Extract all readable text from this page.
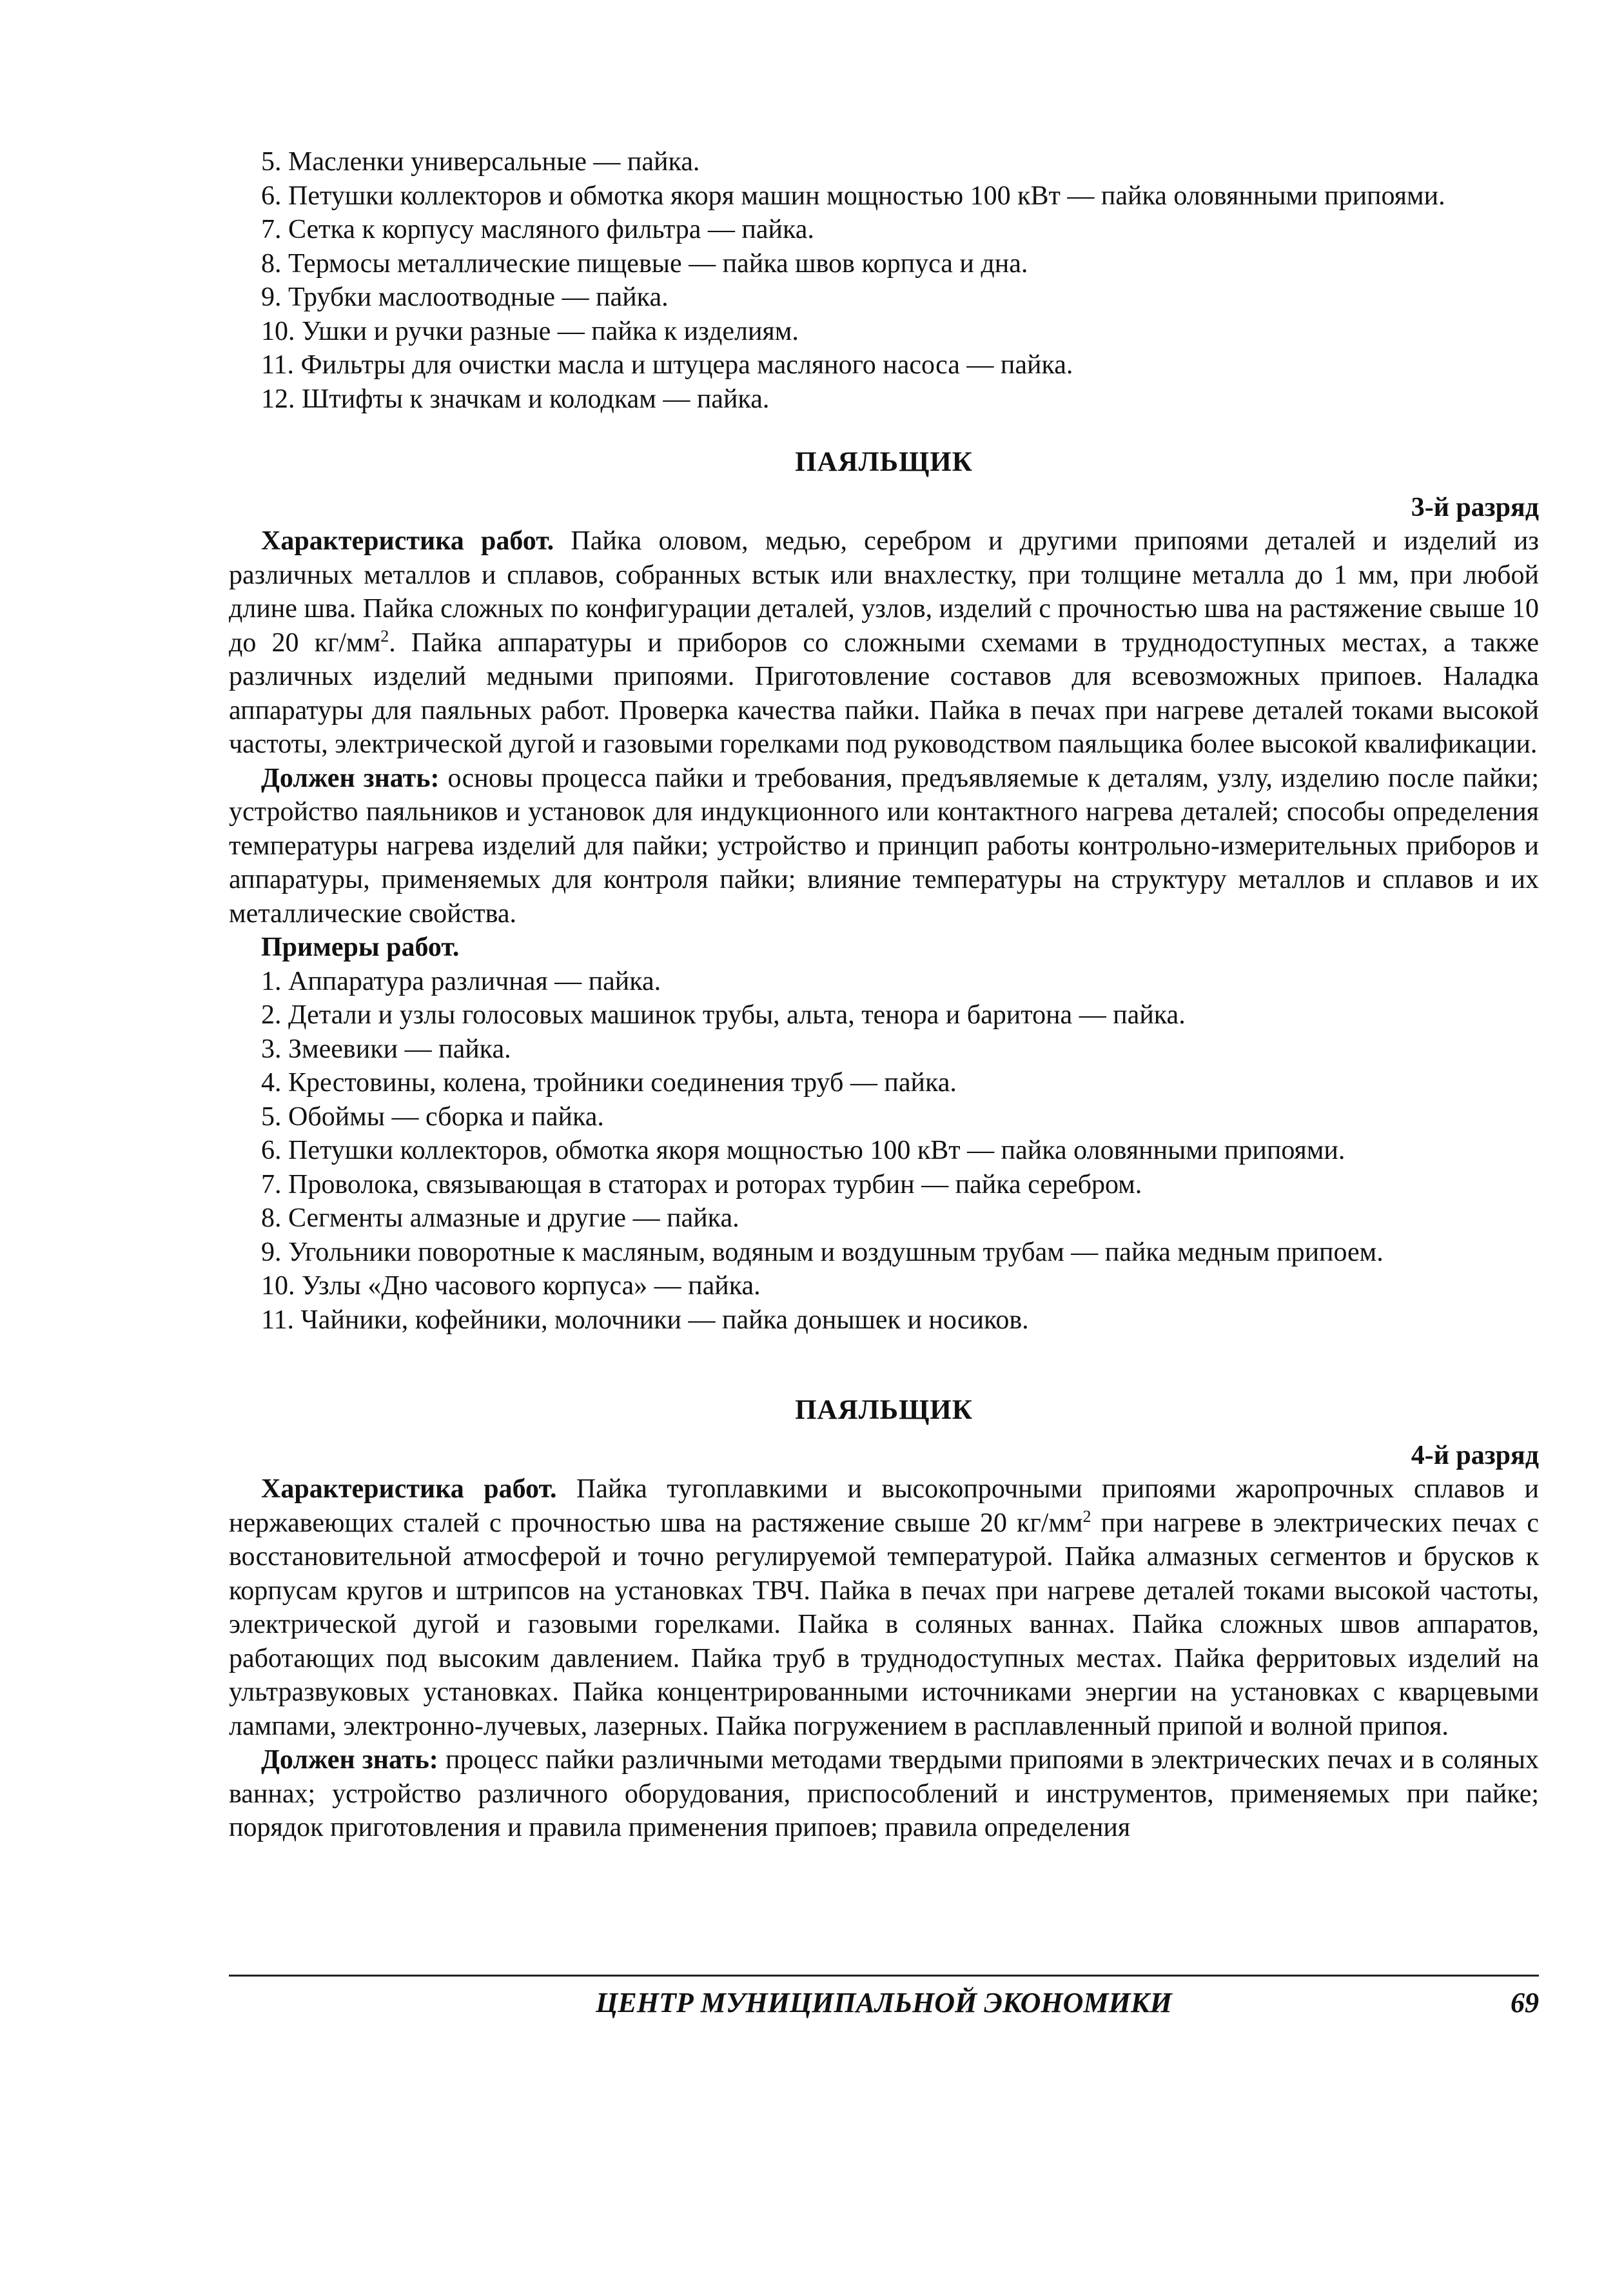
5. Масленки универсальные — пайка.

6. Петушки коллекторов и обмотка якоря машин мощностью 100 кВт — пайка оловянными припоями.

7. Сетка к корпусу масляного фильтра — пайка.

8. Термосы металлические пищевые — пайка швов корпуса и дна.

9. Трубки маслоотводные — пайка.

10. Ушки и ручки разные — пайка к изделиям.

11. Фильтры для очистки масла и штуцера масляного насоса — пайка.

12. Штифты к значкам и колодкам — пайка.

ПАЯЛЬЩИК
3-й разряд

Характеристика работ. Пайка оловом, медью, серебром и другими припоями деталей и изделий из различных металлов и сплавов, собранных встык или внахлестку, при толщине металла до 1 мм, при любой длине шва. Пайка сложных по конфигурации деталей, узлов, изделий с прочностью шва на растяжение свыше 10 до 20 $кг/мм^2$. Пайка аппаратуры и приборов со сложными схемами в труднодоступных местах, а также различных изделий медными припоями. Приготовление составов для всевозможных припоев. Наладка аппаратуры для паяльных работ. Проверка качества пайки. Пайка в печах при нагреве деталей токами высокой частоты, электрической дугой и газовыми горелками под руководством паяльщика более высокой квалификации.

Должен знать: основы процесса пайки и требования, предъявляемые к деталям, узлу, изделию после пайки; устройство паяльников и установок для индукционного или контактного нагрева деталей; способы определения температуры нагрева изделий для пайки; устройство и принцип работы контрольно-измерительных приборов и аппаратуры, применяемых для контроля пайки; влияние температуры на структуру металлов и сплавов и их металлические свойства.

Примеры работ.

1. Аппаратура различная — пайка.

2. Детали и узлы голосовых машинок трубы, альта, тенора и баритона — пайка.

3. Змеевики — пайка.

4. Крестовины, колена, тройники соединения труб — пайка.

5. Обоймы — сборка и пайка.

6. Петушки коллекторов, обмотка якоря мощностью 100 кВт — пайка оловянными припоями.

7. Проволока, связывающая в статорах и роторах турбин — пайка серебром.

8. Сегменты алмазные и другие — пайка.

9. Угольники поворотные к масляным, водяным и воздушным трубам — пайка медным припоем.

10. Узлы «Дно часового корпуса» — пайка.

11. Чайники, кофейники, молочники — пайка донышек и носиков.

ПАЯЛЬЩИК
4-й разряд

Характеристика работ. Пайка тугоплавкими и высокопрочными припоями жаропрочных сплавов и нержавеющих сталей с прочностью шва на растяжение свыше 20 $кг/мм^2$ при нагреве в электрических печах с восстановительной атмосферой и точно регулируемой температурой. Пайка алмазных сегментов и брусков к корпусам кругов и штрипсов на установках ТВЧ. Пайка в печах при нагреве деталей токами высокой частоты, электрической дугой и газовыми горелками. Пайка в соляных ваннах. Пайка сложных швов аппаратов, работающих под высоким давлением. Пайка труб в труднодоступных местах. Пайка ферритовых изделий на ультразвуковых установках. Пайка концентрированными источниками энергии на установках с кварцевыми лампами, электронно-лучевых, лазерных. Пайка погружением в расплавленный припой и волной припоя.

Должен знать: процесс пайки различными методами твердыми припоями в электрических печах и в соляных ваннах; устройство различного оборудования, приспособлений и инструментов, применяемых при пайке; порядок приготовления и правила применения припоев; правила определения

ЦЕНТР МУНИЦИПАЛЬНОЙ ЭКОНОМИКИ	69
